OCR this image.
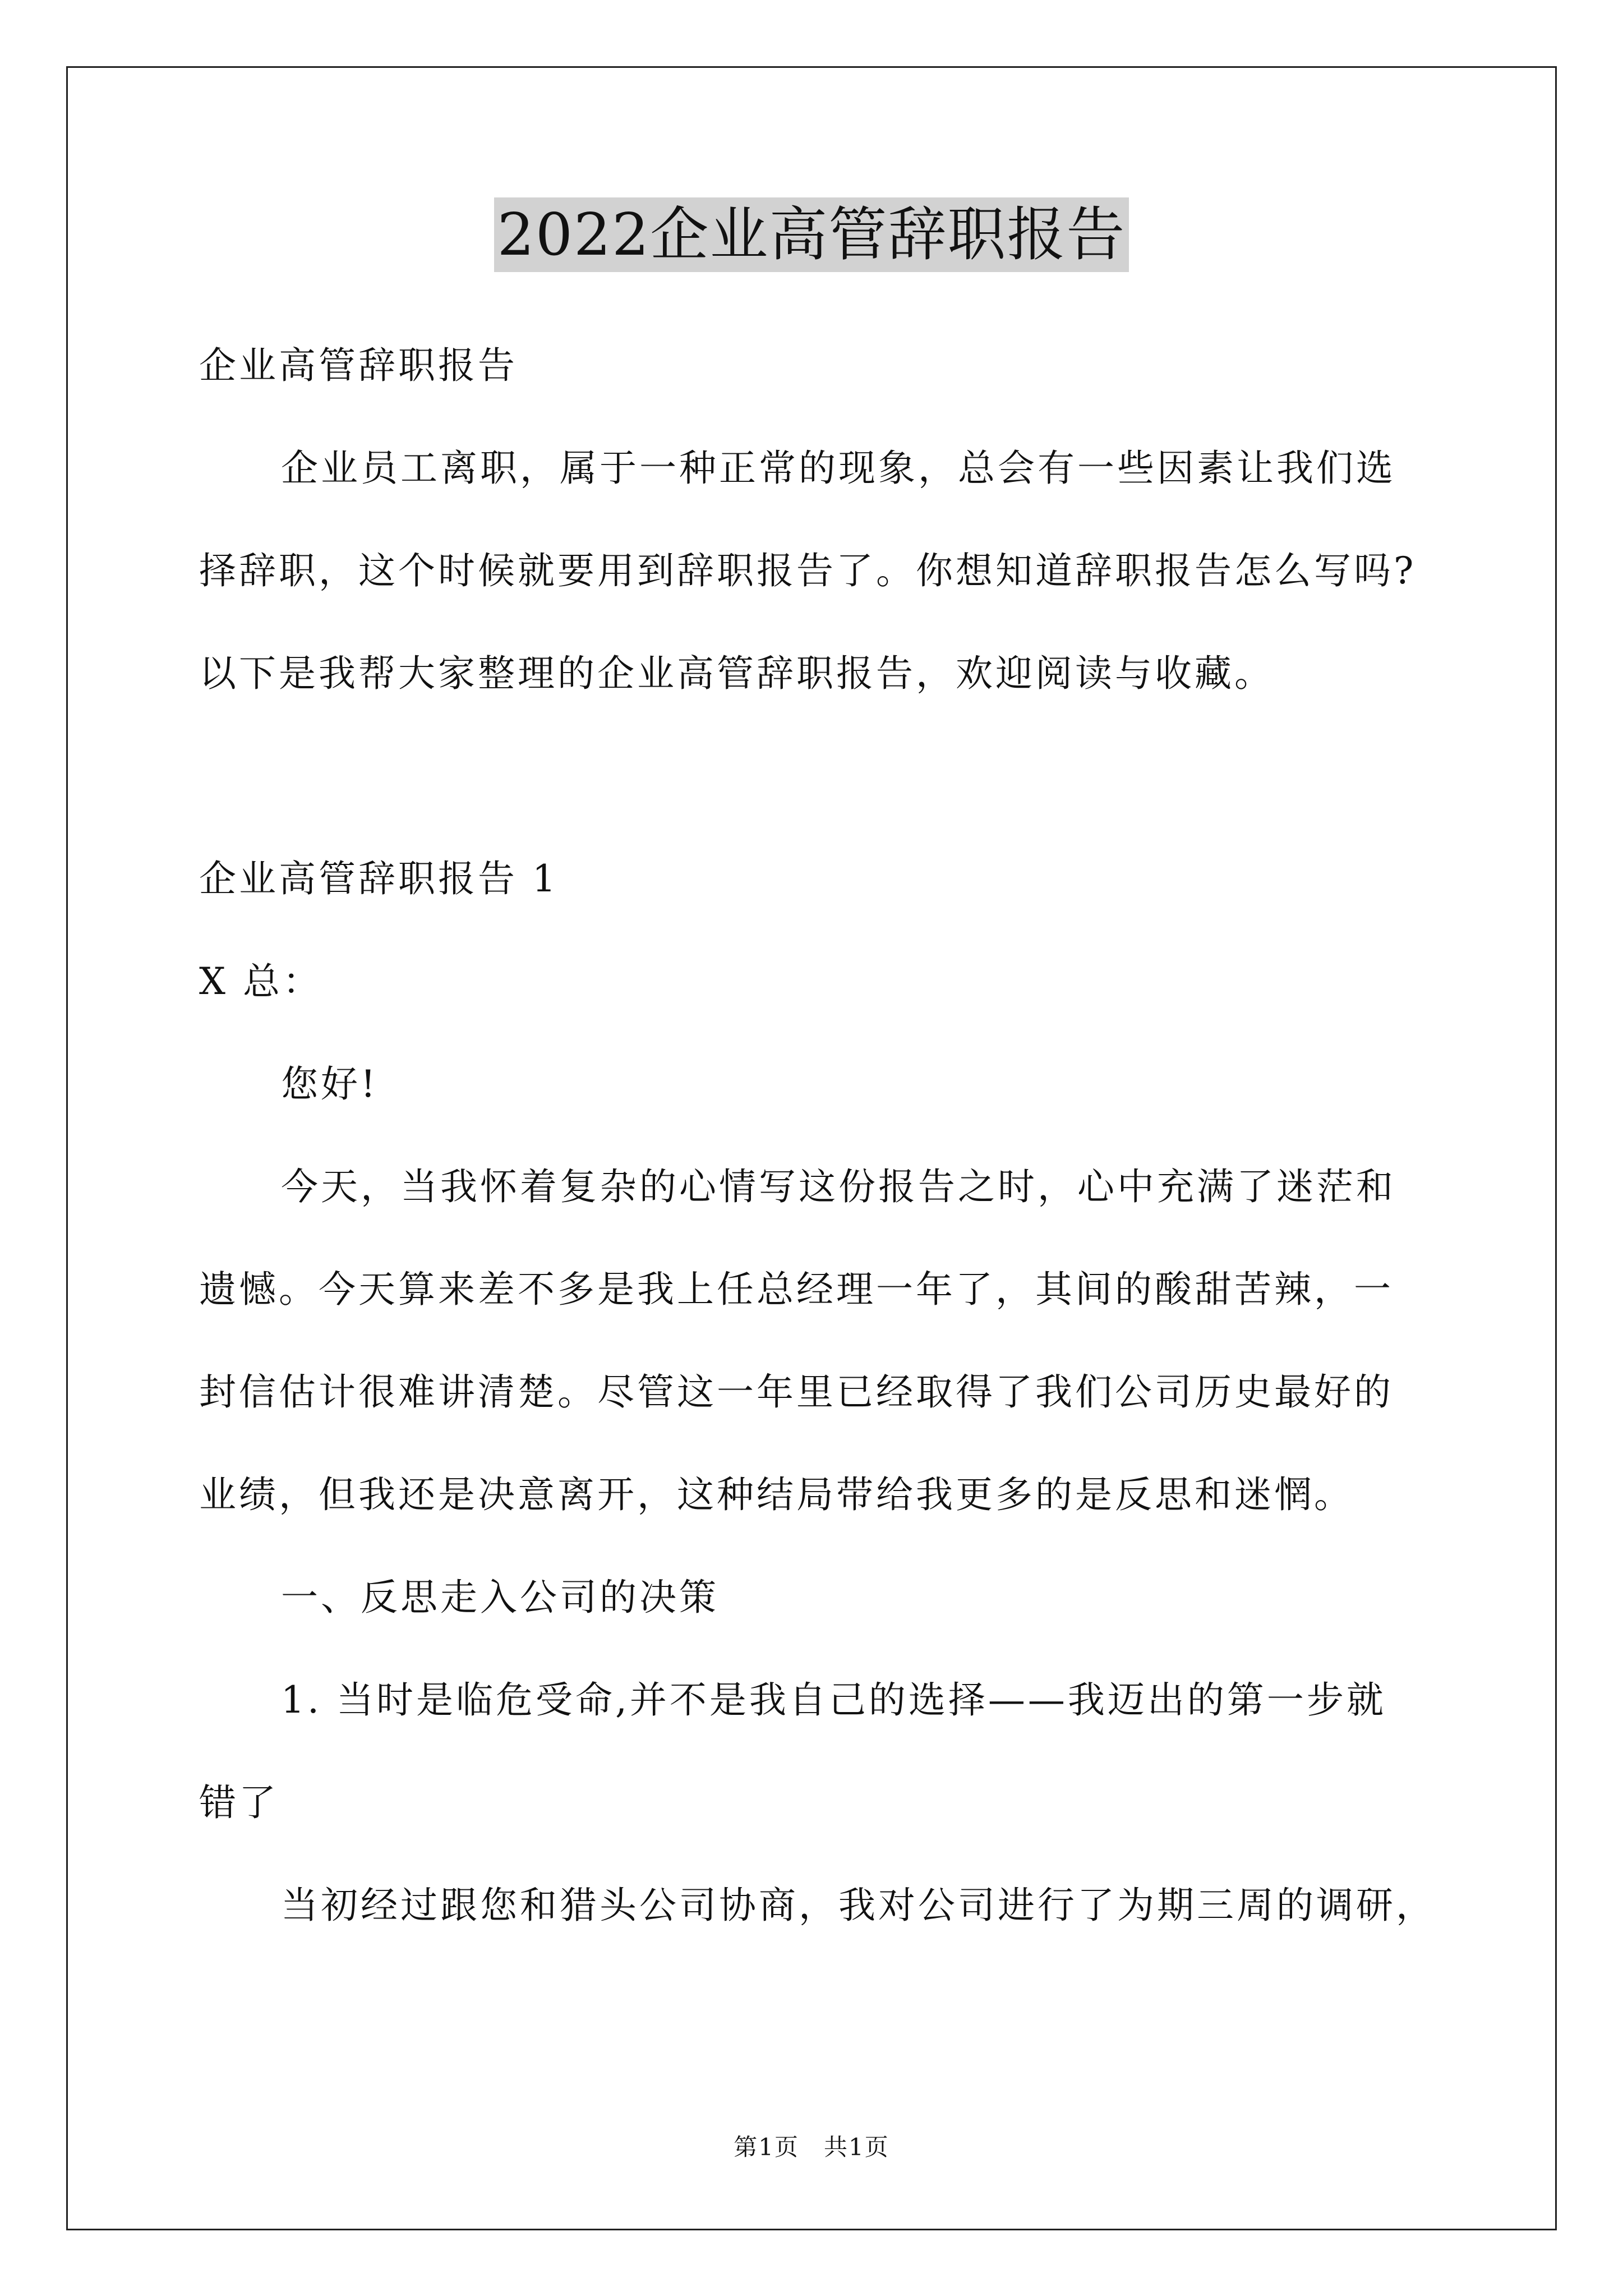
2022企业高管辞职报告

企业高管辞职报告

企业员工离职，属于一种正常的现象，总会有一些因素让我们选

择辞职，这个时候就要用到辞职报告了。你想知道辞职报告怎么写吗?

以下是我帮大家整理的企业高管辞职报告，欢迎阅读与收藏。

企业高管辞职报告 1

X 总：

您好!

今天，当我怀着复杂的心情写这份报告之时，心中充满了迷茫和

遗憾。今天算来差不多是我上任总经理一年了，其间的酸甜苦辣，一

封信估计很难讲清楚。尽管这一年里已经取得了我们公司历史最好的

业绩，但我还是决意离开，这种结局带给我更多的是反思和迷惘。

一、反思走入公司的决策

1. 当时是临危受命,并不是我自己的选择——我迈出的第一步就

错了

当初经过跟您和猎头公司协商，我对公司进行了为期三周的调研，

第1页　共1页
